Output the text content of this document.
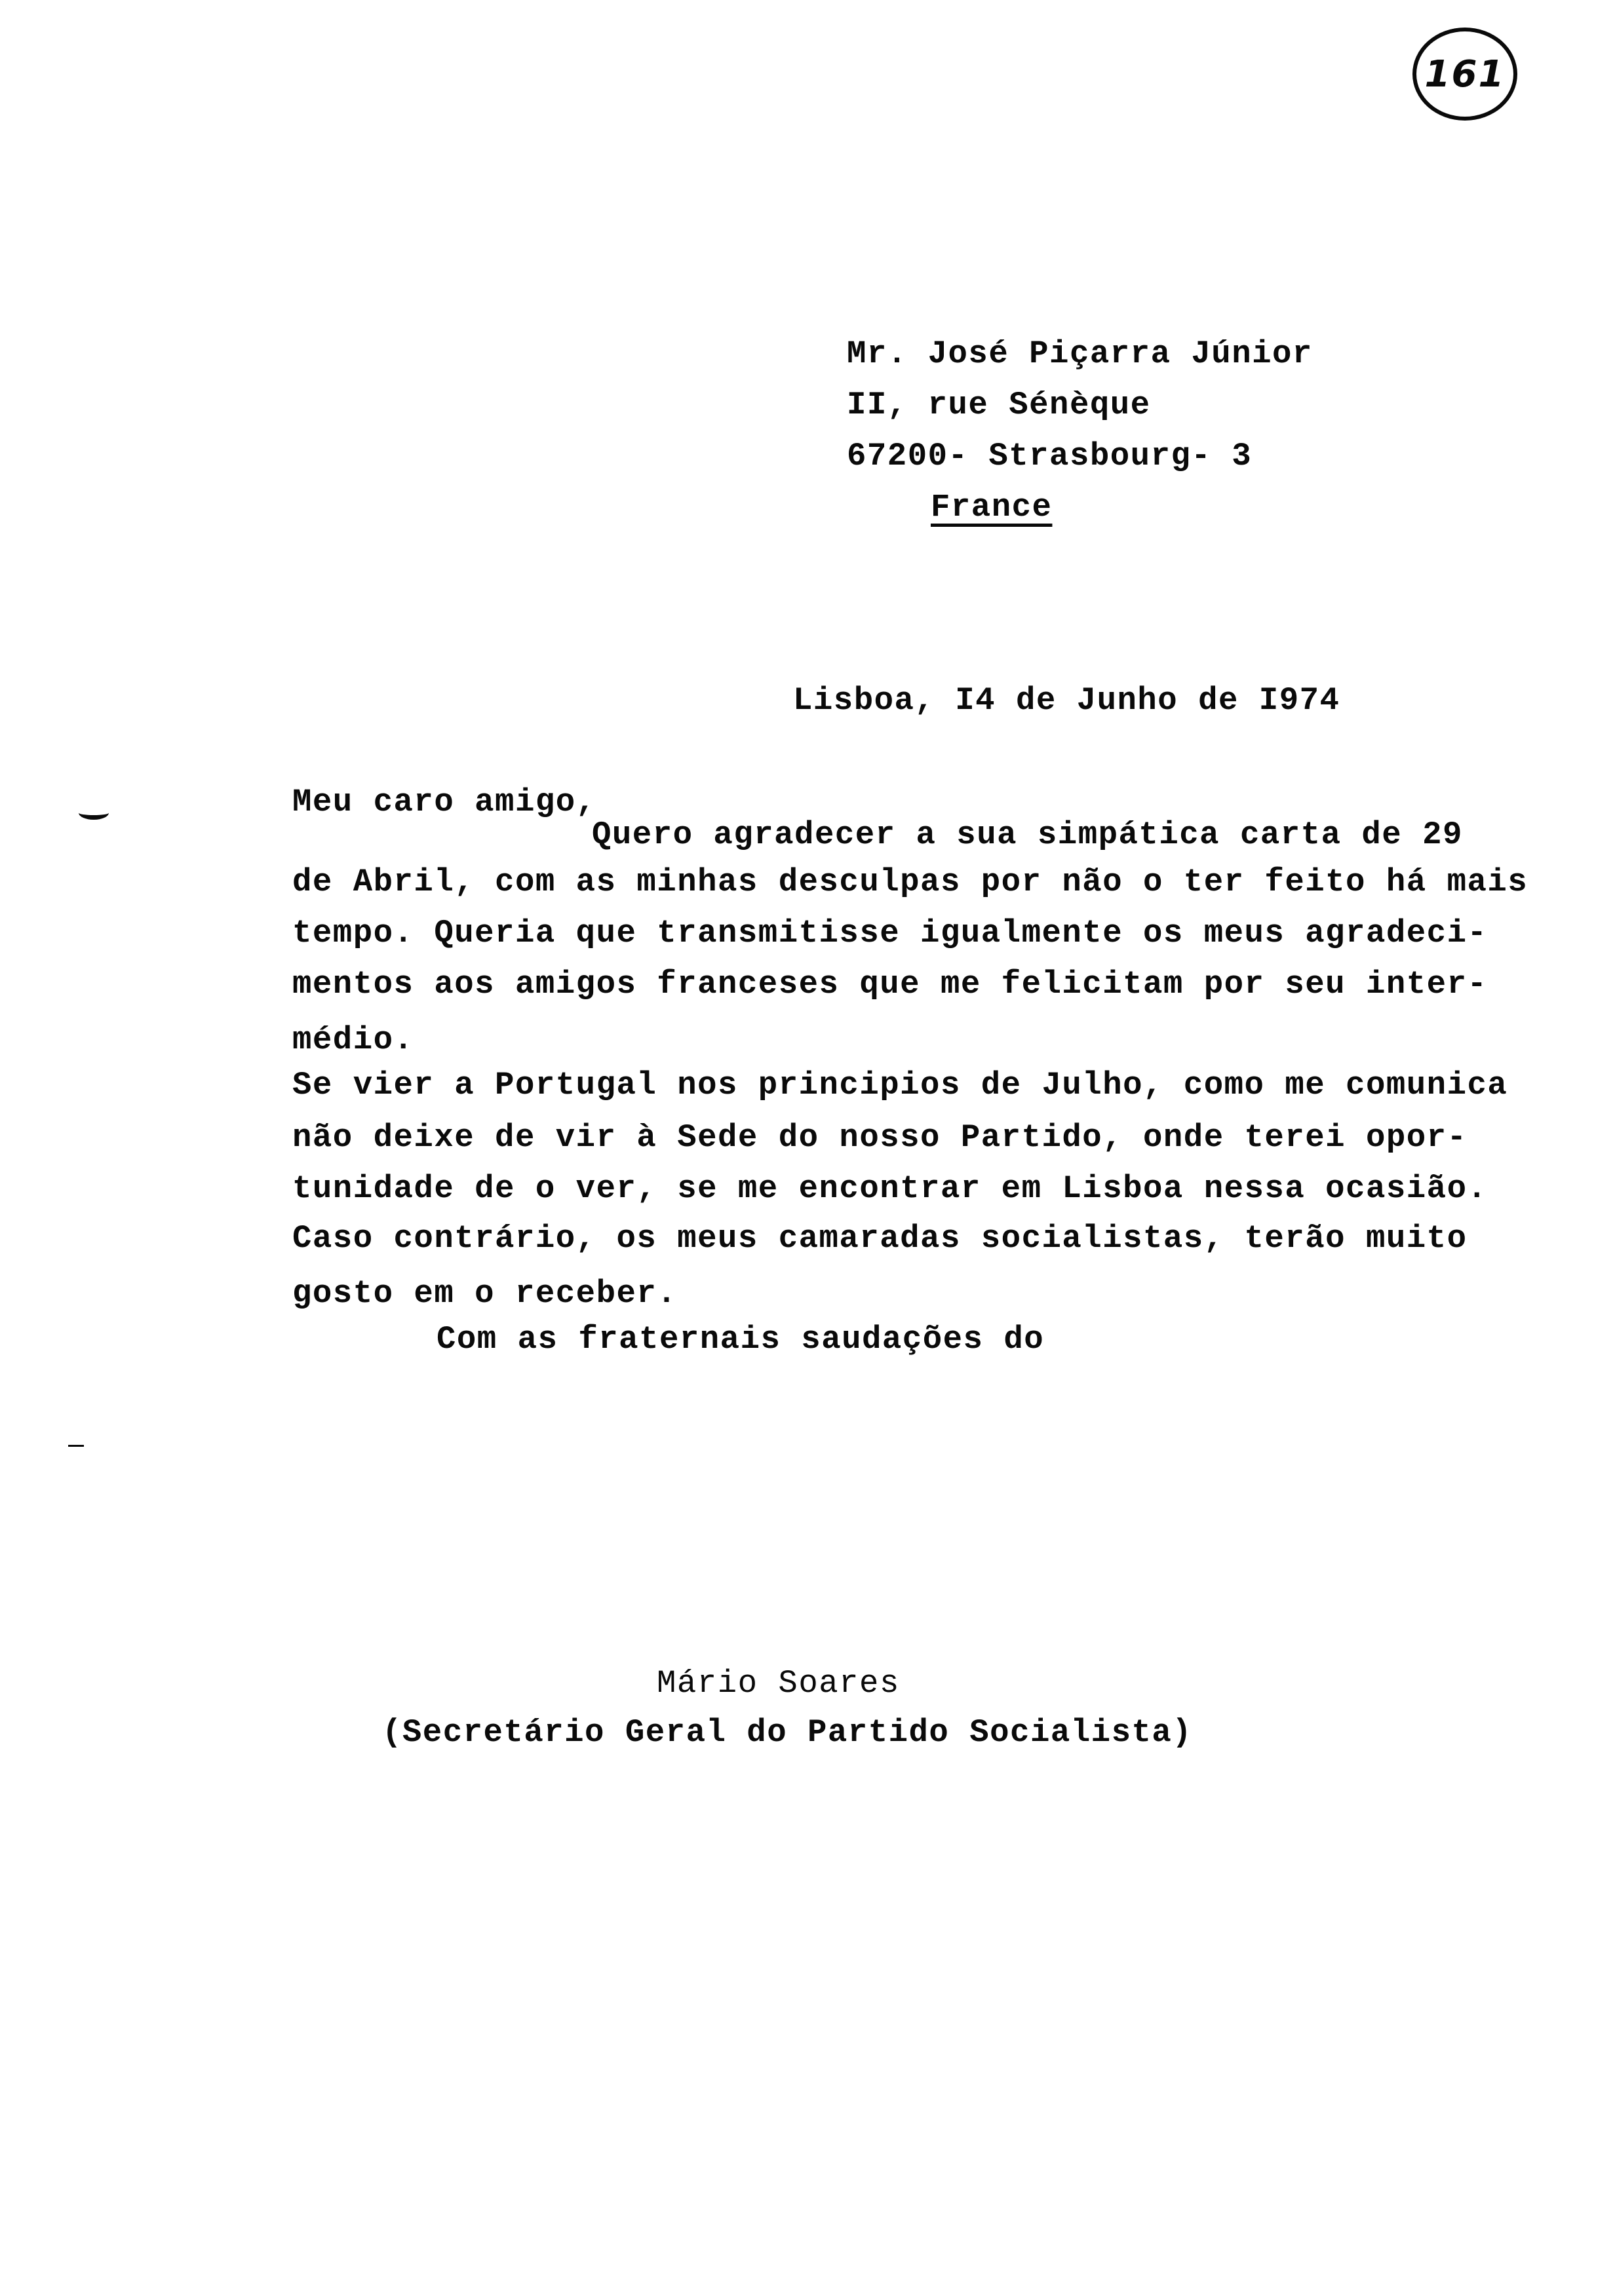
161
Mr. José Piçarra Júnior
II, rue Sénèque
67200- Strasbourg- 3
France
Lisboa, I4 de Junho de I974
Meu caro amigo,
Quero agradecer a sua simpática carta de 29
de Abril, com as minhas desculpas por não o ter feito há mais
tempo. Queria que transmitisse igualmente os meus agradeci-
mentos aos amigos franceses que me felicitam por seu inter-
médio.
Se vier a Portugal nos principios de Julho, como me comunica
não deixe de vir à Sede do nosso Partido, onde terei opor-
tunidade de o ver, se me encontrar em Lisboa nessa ocasião.
Caso contrário, os meus camaradas socialistas, terão muito
gosto em o receber.
Com as fraternais saudações do
Mário Soares
(Secretário Geral do Partido Socialista)
